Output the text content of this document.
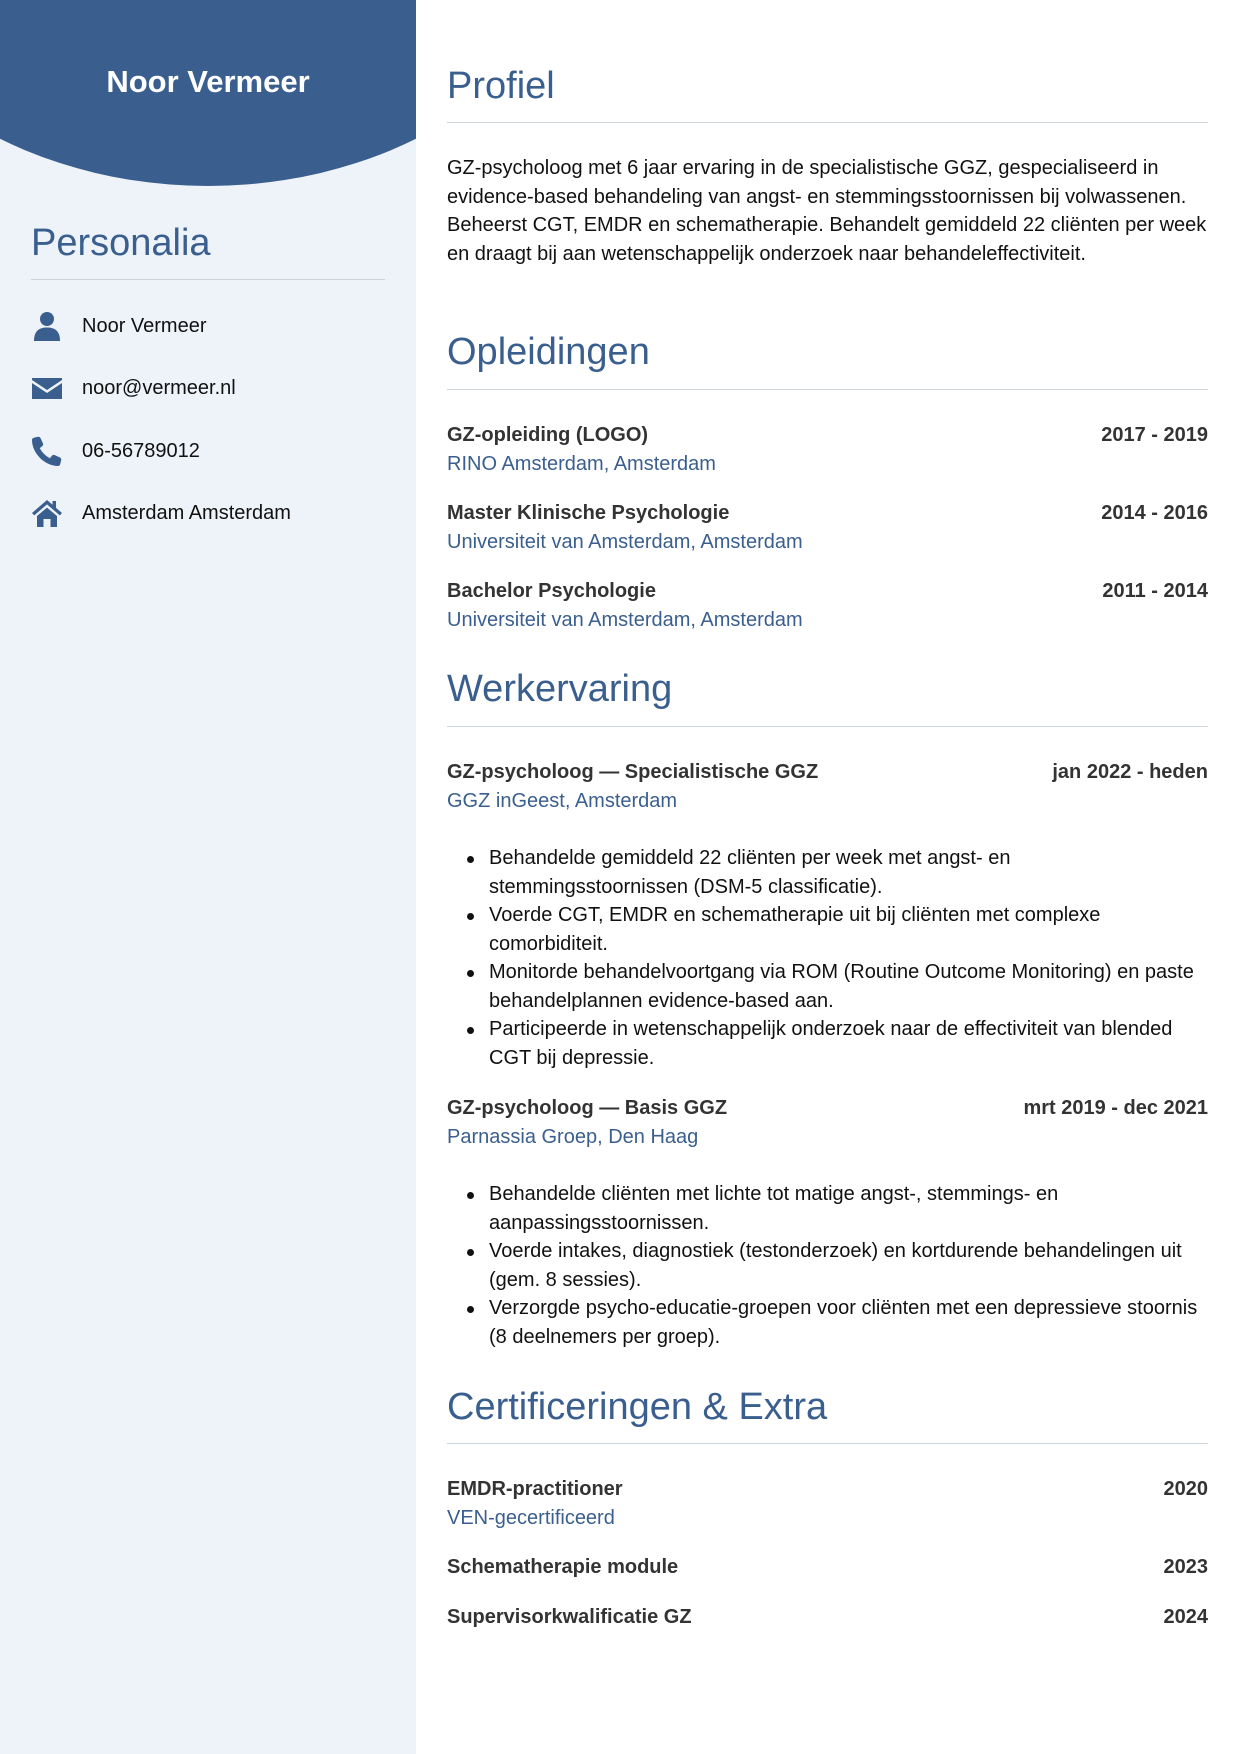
Noor Vermeer
Personalia
Noor Vermeer
noor@vermeer.nl
06-56789012
Amsterdam Amsterdam
Profiel
GZ-psycholoog met 6 jaar ervaring in de specialistische GGZ, gespecialiseerd in evidence-based behandeling van angst- en stemmingsstoornissen bij volwassenen. Beheerst CGT, EMDR en schematherapie. Behandelt gemiddeld 22 cliënten per week en draagt bij aan wetenschappelijk onderzoek naar behandeleffectiviteit.
Opleidingen
GZ-opleiding (LOGO)	2017 - 2019
RINO Amsterdam, Amsterdam
Master Klinische Psychologie	2014 - 2016
Universiteit van Amsterdam, Amsterdam
Bachelor Psychologie	2011 - 2014
Universiteit van Amsterdam, Amsterdam
Werkervaring
GZ-psycholoog — Specialistische GGZ	jan 2022 - heden
GGZ inGeest, Amsterdam
Behandelde gemiddeld 22 cliënten per week met angst- en stemmingsstoornissen (DSM-5 classificatie).
Voerde CGT, EMDR en schematherapie uit bij cliënten met complexe comorbiditeit.
Monitorde behandelvoortgang via ROM (Routine Outcome Monitoring) en paste behandelplannen evidence-based aan.
Participeerde in wetenschappelijk onderzoek naar de effectiviteit van blended CGT bij depressie.
GZ-psycholoog — Basis GGZ	mrt 2019 - dec 2021
Parnassia Groep, Den Haag
Behandelde cliënten met lichte tot matige angst-, stemmings- en aanpassingsstoornissen.
Voerde intakes, diagnostiek (testonderzoek) en kortdurende behandelingen uit (gem. 8 sessies).
Verzorgde psycho-educatie-groepen voor cliënten met een depressieve stoornis (8 deelnemers per groep).
Certificeringen & Extra
EMDR-practitioner	2020
VEN-gecertificeerd
Schematherapie module	2023
Supervisorkwalificatie GZ	2024
